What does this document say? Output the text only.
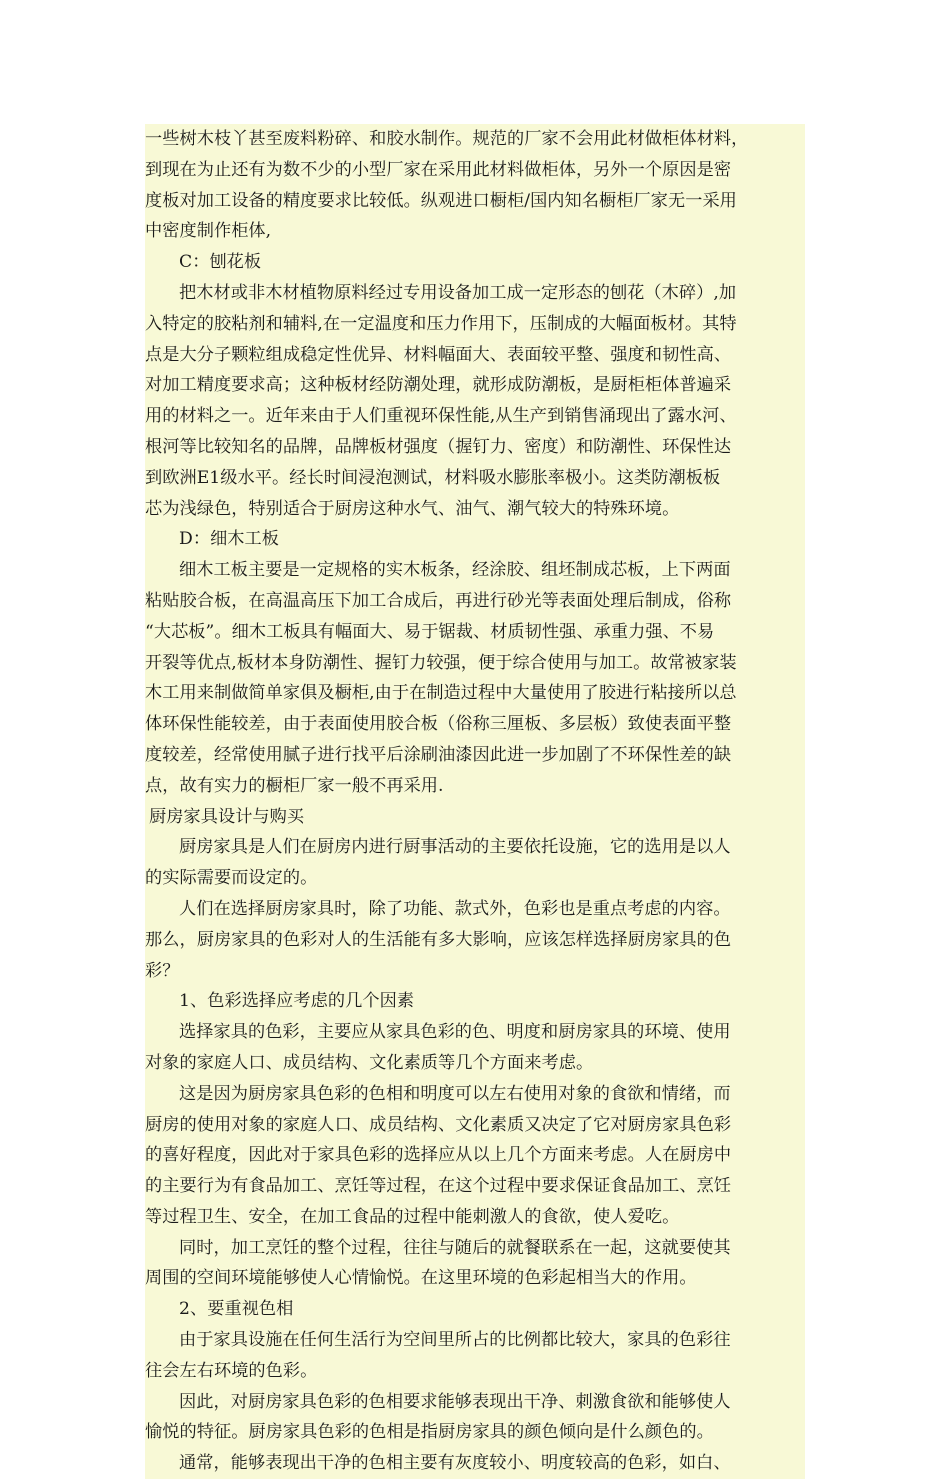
一些树木枝丫甚至废料粉碎、和胶水制作。规范的厂家不会用此材做柜体材料，
到现在为止还有为数不少的小型厂家在采用此材料做柜体，另外一个原因是密
度板对加工设备的精度要求比较低。纵观进口橱柜/国内知名橱柜厂家无一采用
中密度制作柜体,
C：刨花板
把木材或非木材植物原料经过专用设备加工成一定形态的刨花（木碎）,加
入特定的胶粘剂和辅料,在一定温度和压力作用下，压制成的大幅面板材。其特
点是大分子颗粒组成稳定性优异、材料幅面大、表面较平整、强度和韧性高、
对加工精度要求高；这种板材经防潮处理，就形成防潮板，是厨柜柜体普遍采
用的材料之一。近年来由于人们重视环保性能,从生产到销售涌现出了露水河、
根河等比较知名的品牌，品牌板材强度（握钉力、密度）和防潮性、环保性达
到欧洲E1级水平。经长时间浸泡测试，材料吸水膨胀率极小。这类防潮板板
芯为浅绿色，特别适合于厨房这种水气、油气、潮气较大的特殊环境。
D：细木工板
细木工板主要是一定规格的实木板条，经涂胶、组坯制成芯板，上下两面
粘贴胶合板，在高温高压下加工合成后，再进行砂光等表面处理后制成，俗称
“大芯板”。细木工板具有幅面大、易于锯裁、材质韧性强、承重力强、不易
开裂等优点,板材本身防潮性、握钉力较强，便于综合使用与加工。故常被家装
木工用来制做简单家俱及橱柜,由于在制造过程中大量使用了胶进行粘接所以总
体环保性能较差，由于表面使用胶合板（俗称三厘板、多层板）致使表面平整
度较差，经常使用腻子进行找平后涂刷油漆因此进一步加剧了不环保性差的缺
点，故有实力的橱柜厂家一般不再采用.
厨房家具设计与购买
厨房家具是人们在厨房内进行厨事活动的主要依托设施，它的选用是以人
的实际需要而设定的。
人们在选择厨房家具时，除了功能、款式外，色彩也是重点考虑的内容。
那么，厨房家具的色彩对人的生活能有多大影响，应该怎样选择厨房家具的色
彩？
1、色彩选择应考虑的几个因素
选择家具的色彩，主要应从家具色彩的色、明度和厨房家具的环境、使用
对象的家庭人口、成员结构、文化素质等几个方面来考虑。
这是因为厨房家具色彩的色相和明度可以左右使用对象的食欲和情绪，而
厨房的使用对象的家庭人口、成员结构、文化素质又决定了它对厨房家具色彩
的喜好程度，因此对于家具色彩的选择应从以上几个方面来考虑。人在厨房中
的主要行为有食品加工、烹饪等过程，在这个过程中要求保证食品加工、烹饪
等过程卫生、安全，在加工食品的过程中能刺激人的食欲，使人爱吃。
同时，加工烹饪的整个过程，往往与随后的就餐联系在一起，这就要使其
周围的空间环境能够使人心情愉悦。在这里环境的色彩起相当大的作用。
2、要重视色相
由于家具设施在任何生活行为空间里所占的比例都比较大，家具的色彩往
往会左右环境的色彩。
因此，对厨房家具色彩的色相要求能够表现出干净、刺激食欲和能够使人
愉悦的特征。厨房家具色彩的色相是指厨房家具的颜色倾向是什么颜色的。
通常，能够表现出干净的色相主要有灰度较小、明度较高的色彩，如白、
